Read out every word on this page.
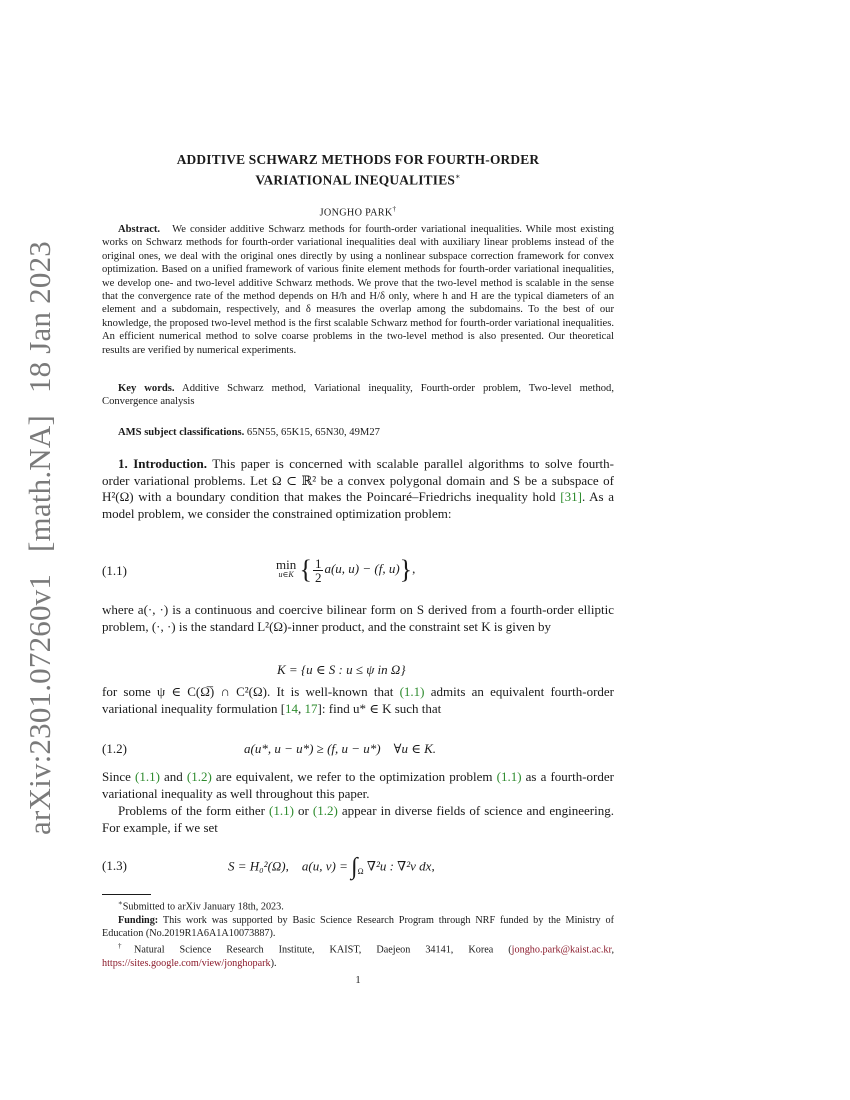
arXiv:2301.07260v1 [math.NA] 18 Jan 2023
ADDITIVE SCHWARZ METHODS FOR FOURTH-ORDER
VARIATIONAL INEQUALITIES∗
JONGHO PARK†
Abstract. We consider additive Schwarz methods for fourth-order variational inequalities. While most existing works on Schwarz methods for fourth-order variational inequalities deal with auxiliary linear problems instead of the original ones, we deal with the original ones directly by using a nonlinear subspace correction framework for convex optimization. Based on a unified framework of various finite element methods for fourth-order variational inequalities, we develop one- and two-level additive Schwarz methods. We prove that the two-level method is scalable in the sense that the convergence rate of the method depends on H/h and H/δ only, where h and H are the typical diameters of an element and a subdomain, respectively, and δ measures the overlap among the subdomains. To the best of our knowledge, the proposed two-level method is the first scalable Schwarz method for fourth-order variational inequalities. An efficient numerical method to solve coarse problems in the two-level method is also presented. Our theoretical results are verified by numerical experiments.
Key words. Additive Schwarz method, Variational inequality, Fourth-order problem, Two-level method, Convergence analysis
AMS subject classifications. 65N55, 65K15, 65N30, 49M27
1. Introduction. This paper is concerned with scalable parallel algorithms to solve fourth-order variational problems. Let Ω ⊂ ℝ² be a convex polygonal domain and S be a subspace of H²(Ω) with a boundary condition that makes the Poincaré–Friedrichs inequality hold [31]. As a model problem, we consider the constrained optimization problem:
(1.1)	min
u∈K { $\frac{1}{2} a(u$, u) − (f, u)},
where a(·, ·) is a continuous and coercive bilinear form on S derived from a fourth-order elliptic problem, (·, ·) is the standard L²(Ω)-inner product, and the constraint set K is given by
K = {u ∈ S : u ≤ ψ in Ω}
for some ψ ∈ C(Ω̅) ∩ C²(Ω). It is well-known that (1.1) admits an equivalent fourth-order variational inequality formulation [14, 17]: find u* ∈ K such that
(1.2)	a(u*, u − u*) ≥ (f, u − u*)    ∀u ∈ K.
Since (1.1) and (1.2) are equivalent, we refer to the optimization problem (1.1) as a fourth-order variational inequality as well throughout this paper.
Problems of the form either (1.1) or (1.2) appear in diverse fields of science and engineering. For example, if we set
(1.3)	S = H₀²(Ω), a(u, $v) = \int_\Omega$ ∇²u : ∇²v dx,
∗Submitted to arXiv January 18th, 2023.
Funding: This work was supported by Basic Science Research Program through NRF funded by the Ministry of Education (No.2019R1A6A1A10073887).
†Natural Science Research Institute, KAIST, Daejeon 34141, Korea (jongho.park@kaist.ac.kr, https://sites.google.com/view/jonghopark).
1
